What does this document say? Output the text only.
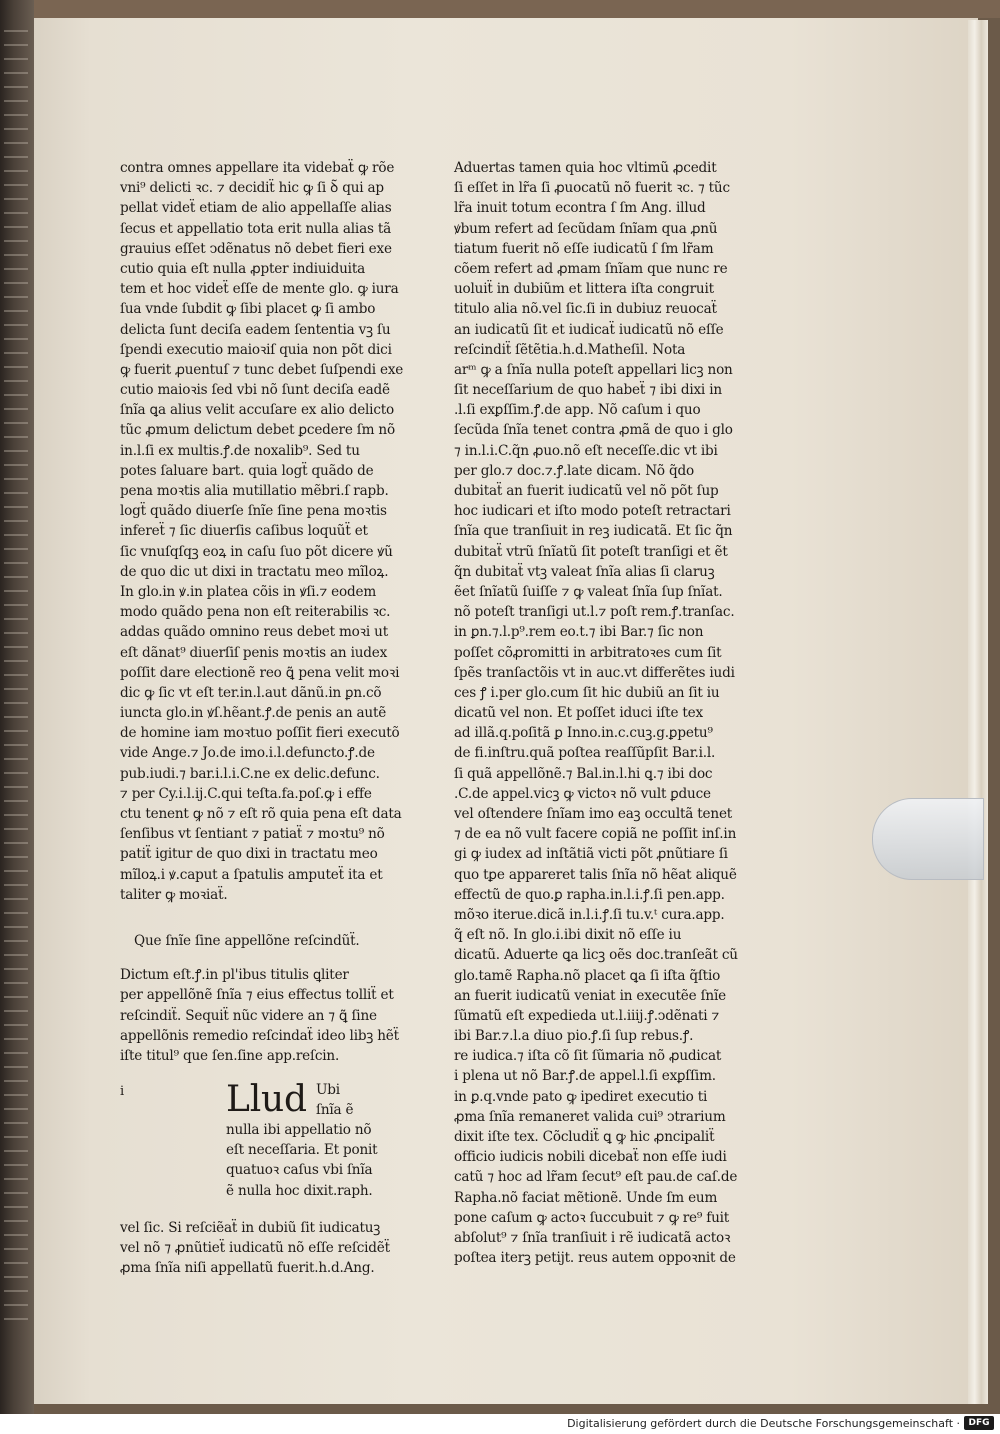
contra omnes appellare ita videbaẗ ꝙ rõe
vni⁹ delicti ꝛc. ⁊ decidiẗ hic ꝙ ſi ꝺ̃ qui ap
pellat videẗ etiam de alio appellaſſe alias
ſecus et appellatio tota erit nulla alias tã
grauius eſſet ↄdẽnatus nõ debet fieri exe
cutio quia eſt nulla ꝓpter indiuiduita
tem et hoc videẗ eſſe de mente glo. ꝙ iura
ſua vnde ſubdit ꝙ ſibi placet ꝙ ſi ambo
delicta ſunt deciſa eadem ſententia vꝫ ſu
ſpendi executio maioꝛiſ quia non põt dici
ꝙ fuerit ꝓuentuſ ⁊ tunc debet ſuſpendi exe
cutio maioꝛis ſed vbi nõ ſunt deciſa eadẽ
ſnĩa ꝗa alius velit accuſare ex alio delicto
tũc ꝓmum delictum debet ꝑcedere ſm nõ
in.l.ſi ex multis.ꝭ.de noxalib⁹. Sed tu
potes ſaluare bart. quia logẗ quãdo de
pena moꝛtis alia mutillatio mẽbri.ſ rapb.
logẗ quãdo diuerſe ſnĩe ſine pena moꝛtis
infereẗ ⁊ ſic diuerſis caſibus loquũẗ et
ſic vnuſqſqꝫ eoꝝ in caſu ſuo põt dicere ꝟũ
de quo dic ut dixi in tractatu meo mĩloꝝ.
In glo.in ꝟ.in platea cõis in ꝟſi.⁊ eodem
modo quãdo pena non eſt reiterabilis ꝛc.
addas quãdo omnino reus debet moꝛi ut
eſt dãnat⁹ diuerſiſ penis moꝛtis an iudex
poſſit dare electionẽ reo ꝗ̃ pena velit moꝛi
dic ꝙ ſic vt eſt ter.in.l.aut dãnũ.in ꝑn.cõ
iuncta glo.in ꝟſ.hẽant.ꝭ.de penis an autẽ
de homine iam moꝛtuo poſſit fieri executõ
vide Ange.⁊ Jo.de imo.i.l.defuncto.ꝭ.de
pub.iudi.⁊ bar.i.l.i.C.ne ex delic.defunc.
⁊ per Cy.i.l.ij.C.qui teſta.fa.poſ.ꝙ i effe
ctu tenent ꝙ nõ ⁊ eſt rõ quia pena eſt data
ſenſibus vt ſentiant ⁊ patiaẗ ⁊ moꝛtu⁹ nõ
patiẗ igitur de quo dixi in tractatu meo
mĩloꝝ.i ꝟ.caput a ſpatulis amputeẗ ita et
taliter ꝙ moꝛiaẗ.
Que ſnĩe ſine appellõne reſcindũẗ.
Dictum eſt.ꝭ.in pl'ibus titulis ꝗliter
per appellõnẽ ſnĩa ⁊ eius effectus tolliẗ et
reſcindiẗ. Sequiẗ nũc videre an ⁊ ꝗ̃ ſine
appellõnis remedio reſcindaẗ ideo libꝫ hẽẗ
iſte titul⁹ que ſen.ſine app.reſcin.
i	Llud Ubi
ſnĩa ẽ
nulla ibi appellatio nõ
eſt neceſſaria. Et ponit
quatuoꝛ caſus vbi ſnĩa
ẽ nulla hoc dixit.raph.
vel ſic. Si reſciẽaẗ in dubiũ ſit iudicatuꝫ
vel nõ ⁊ ꝓnũtieẗ iudicatũ nõ eſſe reſcidẽẗ
ꝓma ſnĩa niſi appellatũ fuerit.h.d.Ang.
Aduertas tamen quia hoc vltimũ ꝓcedit
ſi eſſet in lr̃a ſi ꝓuocatũ nõ fuerit ꝛc. ⁊ tũc
lr̃a inuit totum econtra ſ ſm Ang. illud
ꝟbum refert ad ſecũdam ſnĩam qua ꝓnũ
tiatum fuerit nõ eſſe iudicatũ ſ ſm lr̃am
cõem refert ad ꝓmam ſnĩam que nunc re
uoluiẗ in dubiũm et littera iſta congruit
titulo alia nõ.vel ſic.ſi in dubiuz reuocaẗ
an iudicatũ ſit et iudicaẗ iudicatũ nõ eſſe
reſcindiẗ ſẽtẽtia.h.d.Matheſil. Nota
arᵐ ꝙ a ſnĩa nulla poteſt appellari licꝫ non
ſit neceſſarium de quo habeẗ ⁊ ibi dixi in
.l.ſi exꝑſſim.ꝭ.de app. Nõ caſum i quo
ſecũda ſnĩa tenet contra ꝓmã de quo i glo
⁊ in.l.i.C.q̃n ꝓuo.nõ eſt neceſſe.dic vt ibi
per glo.⁊ doc.⁊.ꝭ.late dicam. Nõ q̃do
dubitaẗ an fuerit iudicatũ vel nõ põt ſup
hoc iudicari et iſto modo poteſt retractari
ſnĩa que tranſiuit in reꝫ iudicatã. Et ſic q̃n
dubitaẗ vtrũ ſnĩatũ ſit poteſt tranſigi et ẽt
q̃n dubitaẗ vtꝫ valeat ſnĩa alias ſi claruꝫ
ẽet ſnĩatũ ſuiſſe ⁊ ꝙ valeat ſnĩa ſup ſnĩat.
nõ poteſt tranſigi ut.l.⁊ poſt rem.ꝭ.tranſac.
in ꝑn.⁊.l.p⁹.rem eo.t.⁊ ibi Bar.⁊ ſic non
poſſet cõꝓromitti in arbitratoꝛes cum ſit
ſpẽs tranſactõis vt in auc.vt differẽtes iudi
ces ꝭ i.per glo.cum ſit hic dubiũ an ſit iu
dicatũ vel non. Et poſſet iduci iſte tex
ad illã.q.poſitã ꝑ Inno.in.c.cuꝫ.g.ꝑpetu⁹
de fi.inſtru.quã poſtea reaſſũpſit Bar.i.l.
ſi quã appellõnẽ.⁊ Bal.in.l.hi ꝗ.⁊ ibi doc
.C.de appel.vicꝫ ꝙ victoꝛ nõ vult ꝑduce
vel oſtendere ſnĩam imo eaꝫ occultã tenet
⁊ de ea nõ vult facere copiã ne poſſit inſ.in
gi ꝙ iudex ad inſtãtiã victi põt ꝓnũtiare ſi
quo tꝑe appareret talis ſnĩa nõ hẽat aliquẽ
effectũ de quo.ꝑ rapha.in.l.i.ꝭ.ſi pen.app.
mõꝛo iterue.dicã in.l.i.ꝭ.ſi tu.v.ᵗ cura.app.
q̃ eſt nõ. In glo.i.ibi dixit nõ eſſe iu
dicatũ. Aduerte ꝗa licꝫ oẽs doc.tranſeãt cũ
glo.tamẽ Rapha.nõ placet ꝗa ſi iſta q̃ſtio
an fuerit iudicatũ veniat in executẽe ſnĩe
ſũmatũ eſt expedieda ut.l.iiij.ꝭ.ↄdẽnati ⁊
ibi Bar.⁊.l.a diuo pio.ꝭ.ſi ſup rebus.ꝭ.
re iudica.⁊ iſta cõ ſit ſũmaria nõ ꝓudicat
i plena ut nõ Bar.ꝭ.de appel.l.ſi exꝑſſim.
in ꝑ.q.vnde pato ꝙ ipediret executio ti
ꝓma ſnĩa remaneret valida cui⁹ ↄtrarium
dixit iſte tex. Cõcludiẗ ꝗ ꝙ hic ꝓncipaliẗ
officio iudicis nobili dicebaẗ non eſſe iudi
catũ ⁊ hoc ad lr̃am ſecut⁹ eſt pau.de caſ.de
Rapha.nõ faciat mẽtionẽ. Unde ſm eum
pone caſum ꝙ actoꝛ ſuccubuit ⁊ ꝙ re⁹ fuit
abſolut⁹ ⁊ ſnĩa tranſiuit i rẽ iudicatã actoꝛ
poſtea iterꝫ petijt. reus autem oppoꝛnit de
Digitalisierung gefördert durch die Deutsche Forschungsgemeinschaft · DFG
